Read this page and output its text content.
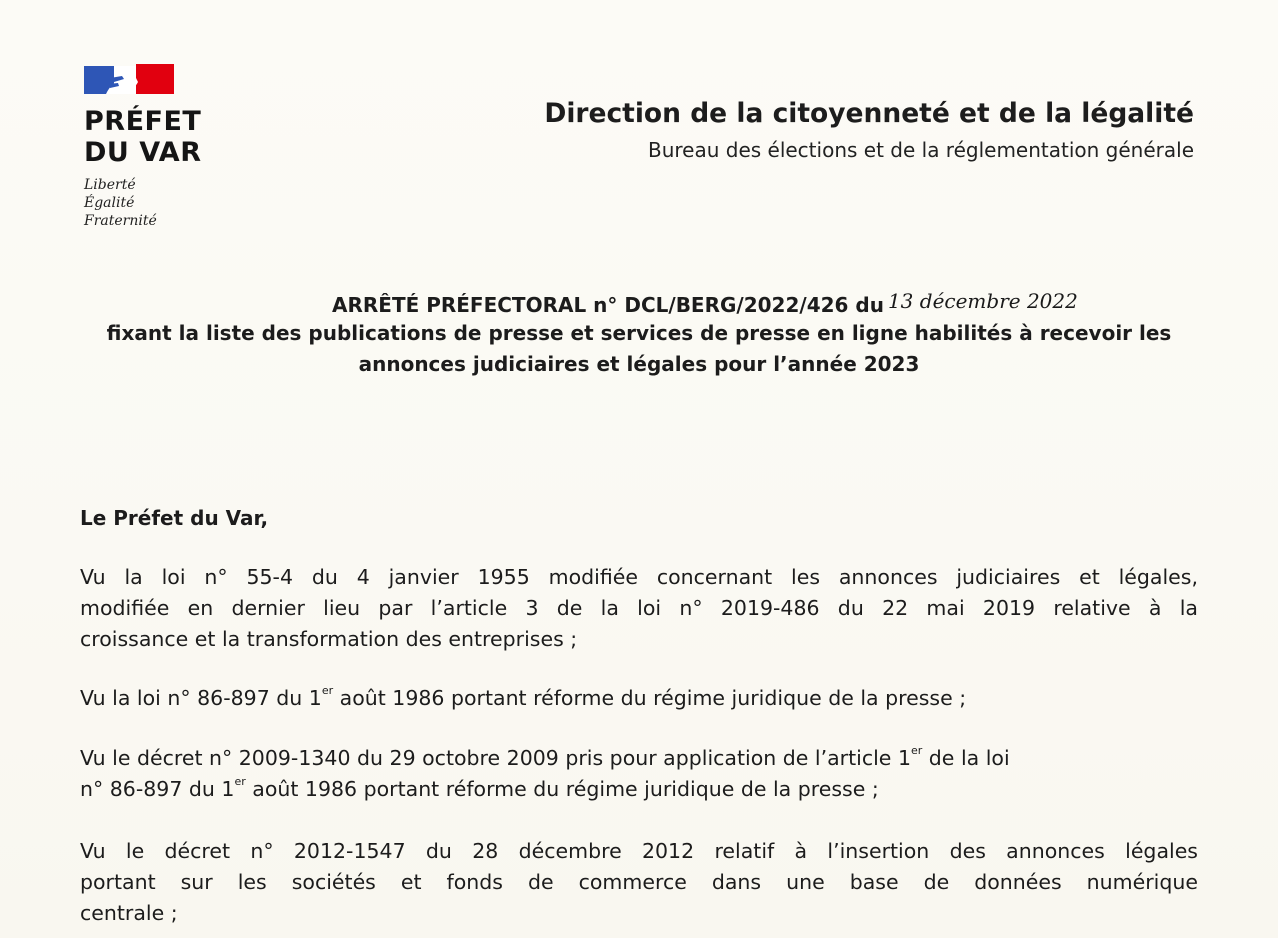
PRÉFET
DU VAR
Liberté
Égalité
Fraternité
Direction de la citoyenneté et de la légalité
Bureau des élections et de la réglementation générale
ARRÊTÉ PRÉFECTORAL n° DCL/BERG/2022/426 du 13 décembre 2022
fixant la liste des publications de presse et services de presse en ligne habilités à recevoir les
annonces judiciaires et légales pour l’année 2023
Le Préfet du Var,
Vu la loi n° 55-4 du 4 janvier 1955 modifiée concernant les annonces judiciaires et légales,
modifiée en dernier lieu par l’article 3 de la loi n° 2019-486 du 22 mai 2019 relative à la
croissance et la transformation des entreprises ;
Vu la loi n° 86-897 du 1er août 1986 portant réforme du régime juridique de la presse ;
Vu le décret n° 2009-1340 du 29 octobre 2009 pris pour application de l’article 1er de la loi
n° 86-897 du 1er août 1986 portant réforme du régime juridique de la presse ;
Vu le décret n° 2012-1547 du 28 décembre 2012 relatif à l’insertion des annonces légales
portant sur les sociétés et fonds de commerce dans une base de données numérique
centrale ;
